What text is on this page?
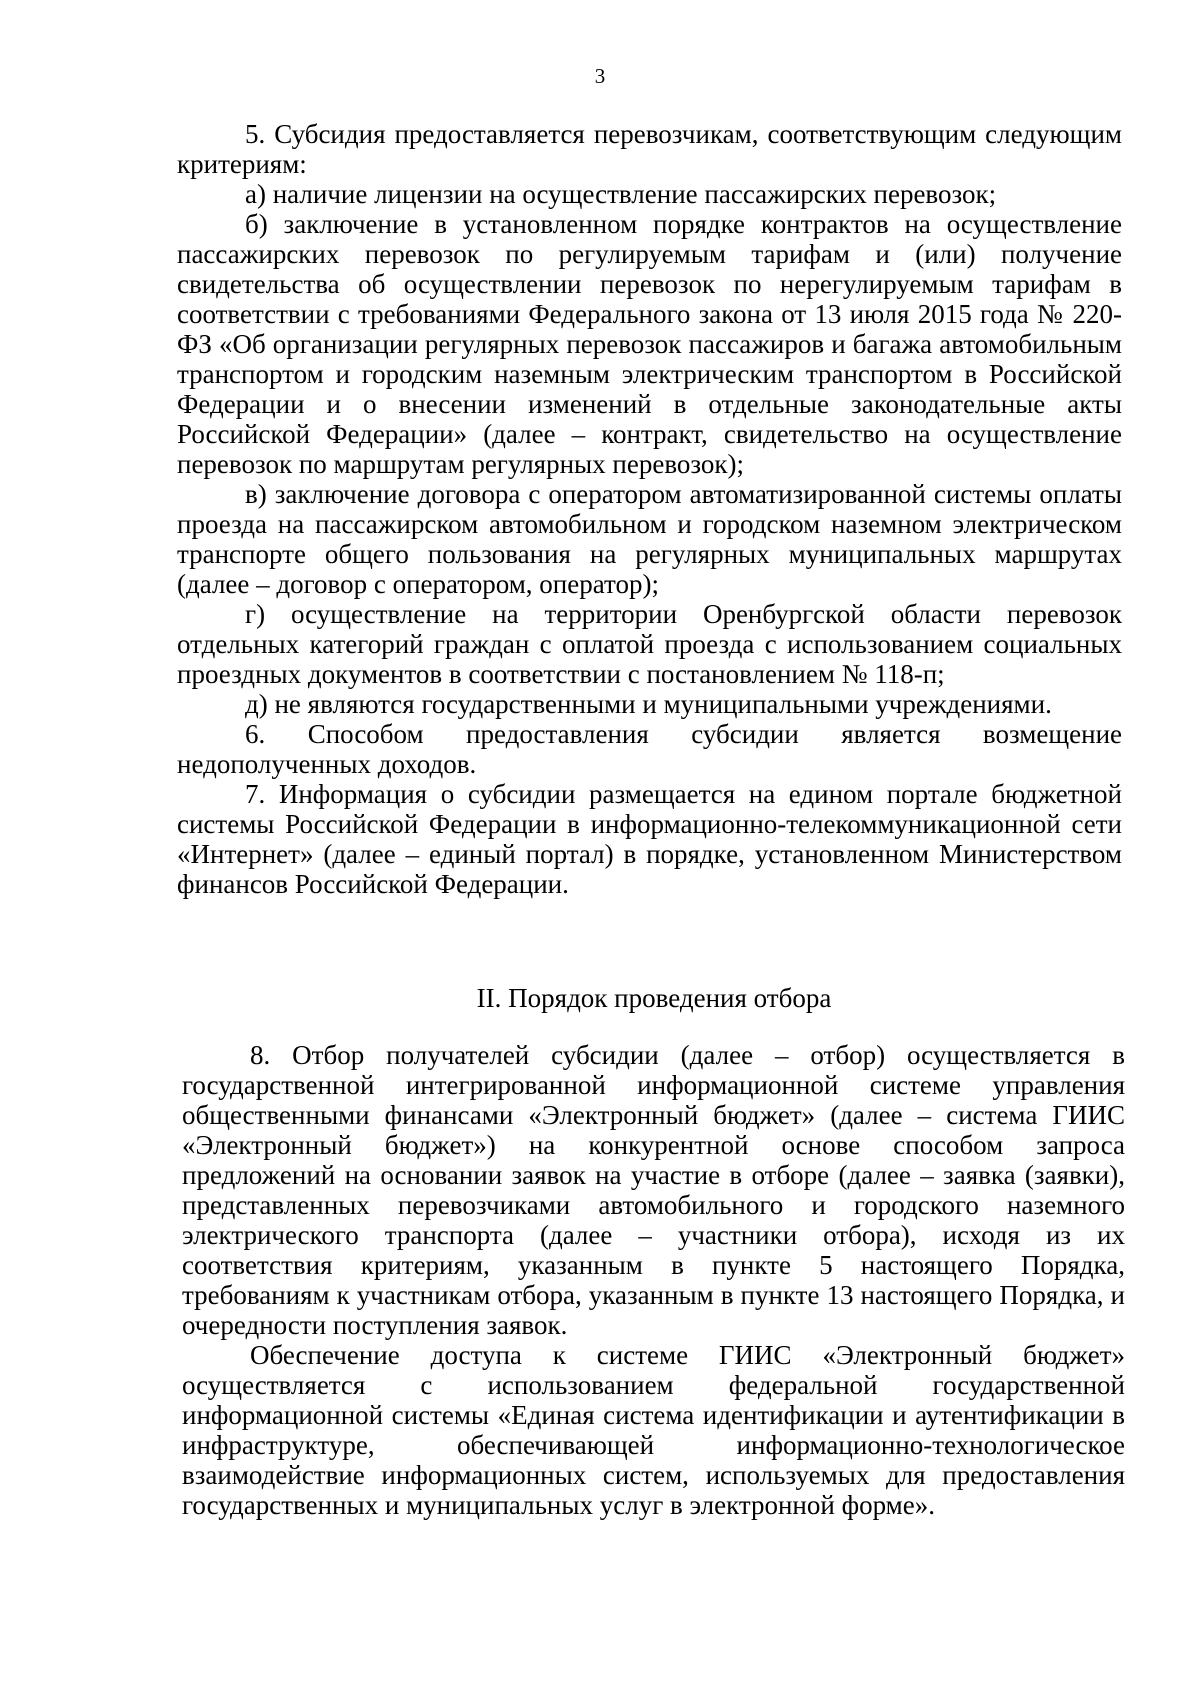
3

5. Субсидия предоставляется перевозчикам, соответствующим следующим критериям:

а) наличие лицензии на осуществление пассажирских перевозок;

б) заключение в установленном порядке контрактов на осуществление пассажирских перевозок по регулируемым тарифам и (или) получение свидетельства об осуществлении перевозок по нерегулируемым тарифам в соответствии с требованиями Федерального закона от 13 июля 2015 года № 220-ФЗ «Об организации регулярных перевозок пассажиров и багажа автомобильным транспортом и городским наземным электрическим транспортом в Российской Федерации и о внесении изменений в отдельные законодательные акты Российской Федерации» (далее – контракт, свидетельство на осуществление перевозок по маршрутам регулярных перевозок);

в) заключение договора с оператором автоматизированной системы оплаты проезда на пассажирском автомобильном и городском наземном электрическом транспорте общего пользования на регулярных муниципальных маршрутах (далее – договор с оператором, оператор);

г) осуществление на территории Оренбургской области перевозок отдельных категорий граждан с оплатой проезда с использованием социальных проездных документов в соответствии с постановлением № 118-п;

д) не являются государственными и муниципальными учреждениями.

6. Способом предоставления субсидии является возмещение недополученных доходов.

7. Информация о субсидии размещается на едином портале бюджетной системы Российской Федерации в информационно-телекоммуникационной сети «Интернет» (далее – единый портал) в порядке, установленном Министерством финансов Российской Федерации.

II. Порядок проведения отбора

8. Отбор получателей субсидии (далее – отбор) осуществляется в государственной интегрированной информационной системе управления общественными финансами «Электронный бюджет» (далее – система ГИИС «Электронный бюджет») на конкурентной основе способом запроса предложений на основании заявок на участие в отборе (далее – заявка (заявки), представленных перевозчиками автомобильного и городского наземного электрического транспорта (далее – участники отбора), исходя из их соответствия критериям, указанным в пункте 5 настоящего Порядка, требованиям к участникам отбора, указанным в пункте 13 настоящего Порядка, и очередности поступления заявок.

Обеспечение доступа к системе ГИИС «Электронный бюджет» осуществляется с использованием федеральной государственной информационной системы «Единая система идентификации и аутентификации в инфраструктуре, обеспечивающей информационно-технологическое взаимодействие информационных систем, используемых для предоставления государственных и муниципальных услуг в электронной форме».
